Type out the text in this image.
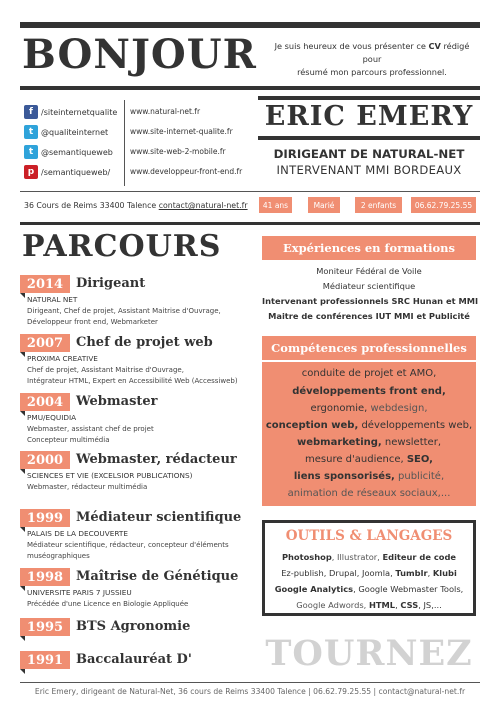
BONJOUR	Je suis heureux de vous présenter ce CV rédigé pour
résumé mon parcours professionnel.
f	/siteinternetqualite www.natural-net.fr
t @qualiteinternet	www.site-internet-qualite.fr
t @semantiqueweb www.site-web-2-mobile.fr
p /semantiqueweb/	www.developpeur-front-end.fr
ERIC EMERY
DIRIGEANT DE NATURAL-NET
INTERVENANT MMI BORDEAUX
36 Cours de Reims 33400 Talence contact@natural-net.fr	41 ans	Marié	2 enfants	06.62.79.25.55
PARCOURS
2014 Dirigeant
NATURAL NET
Dirigeant, Chef de projet, Assistant Maitrise d'Ouvrage,
Développeur front end, Webmarketer
2007 Chef de projet web
PROXIMA CREATIVE
Chef de projet, Assistant Maitrise d'Ouvrage,
Intégrateur HTML, Expert en Accessibilité Web (Accessiweb)
2004 Webmaster
PMU/EQUIDIA
Webmaster, assistant chef de projet
Concepteur multimédia
2000 Webmaster, rédacteur
SCIENCES ET VIE (EXCELSIOR PUBLICATIONS)
Webmaster, rédacteur multimédia
1999 Médiateur scientifique
PALAIS DE LA DECOUVERTE
Médiateur scientifique, rédacteur, concepteur d'éléments
muséographiques
1998 Maîtrise de Génétique
UNIVERSITE PARIS 7 JUSSIEU
Précédée d'une Licence en Biologie Appliquée
1995 BTS Agronomie
1991 Baccalauréat D'
Expériences en formations
Moniteur Fédéral de Voile
Médiateur scientifique
Intervenant professionnels SRC Hunan et MMI
Maitre de conférences IUT MMI et Publicité
Compétences professionnelles
conduite de projet et AMO,
développements front end,
ergonomie, webdesign,
conception web, développements web,
webmarketing, newsletter,
mesure d'audience, SEO,
liens sponsorisés, publicité,
animation de réseaux sociaux,...
OUTILS & LANGAGES
Photoshop, Illustrator, Editeur de code
Ez-publish, Drupal, Joomla, Tumblr, Klubi
Google Analytics, Google Webmaster Tools,
Google Adwords, HTML, CSS, JS,...
TOURNEZ
Eric Emery, dirigeant de Natural-Net, 36 cours de Reims 33400 Talence | 06.62.79.25.55 | contact@natural-net.fr
